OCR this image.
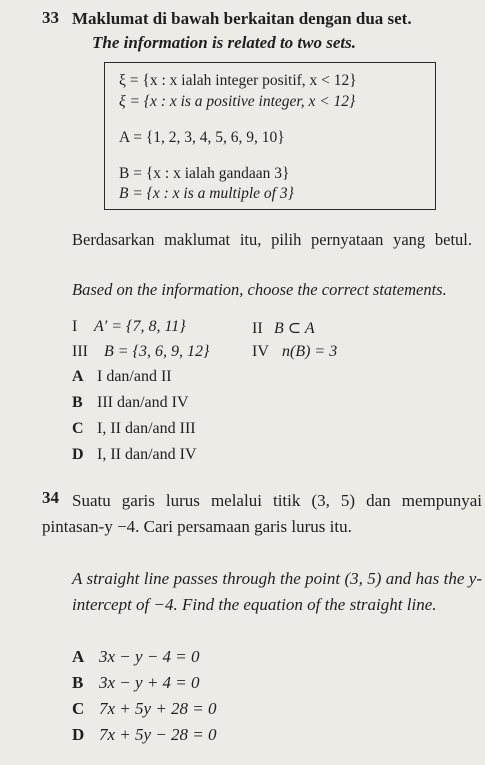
33 Maklumat di bawah berkaitan dengan dua set.
The information is related to two sets.
ξ = {x : x ialah integer positif, x < 12}
ξ = {x : x is a positive integer, x < 12}
A = {1, 2, 3, 4, 5, 6, 9, 10}
B = {x : x ialah gandaan 3}
B = {x : x is a multiple of 3}
Berdasarkan maklumat itu, pilih pernyataan yang betul.
Based on the information, choose the correct statements.
I A′ = {7, 8, 11}	II B ⊂ A
III B = {3, 6, 9, 12}	IV n(B) = 3
A I dan/and II
B III dan/and IV
C I, II dan/and III
D I, II dan/and IV
34 Suatu garis lurus melalui titik (3, 5) dan mempunyai pintasan-y −4. Cari persamaan garis lurus itu.
A straight line passes through the point (3, 5) and has the y-intercept of −4. Find the equation of the straight line.
A 3x − y − 4 = 0
B 3x − y + 4 = 0
C 7x + 5y + 28 = 0
D 7x + 5y − 28 = 0
